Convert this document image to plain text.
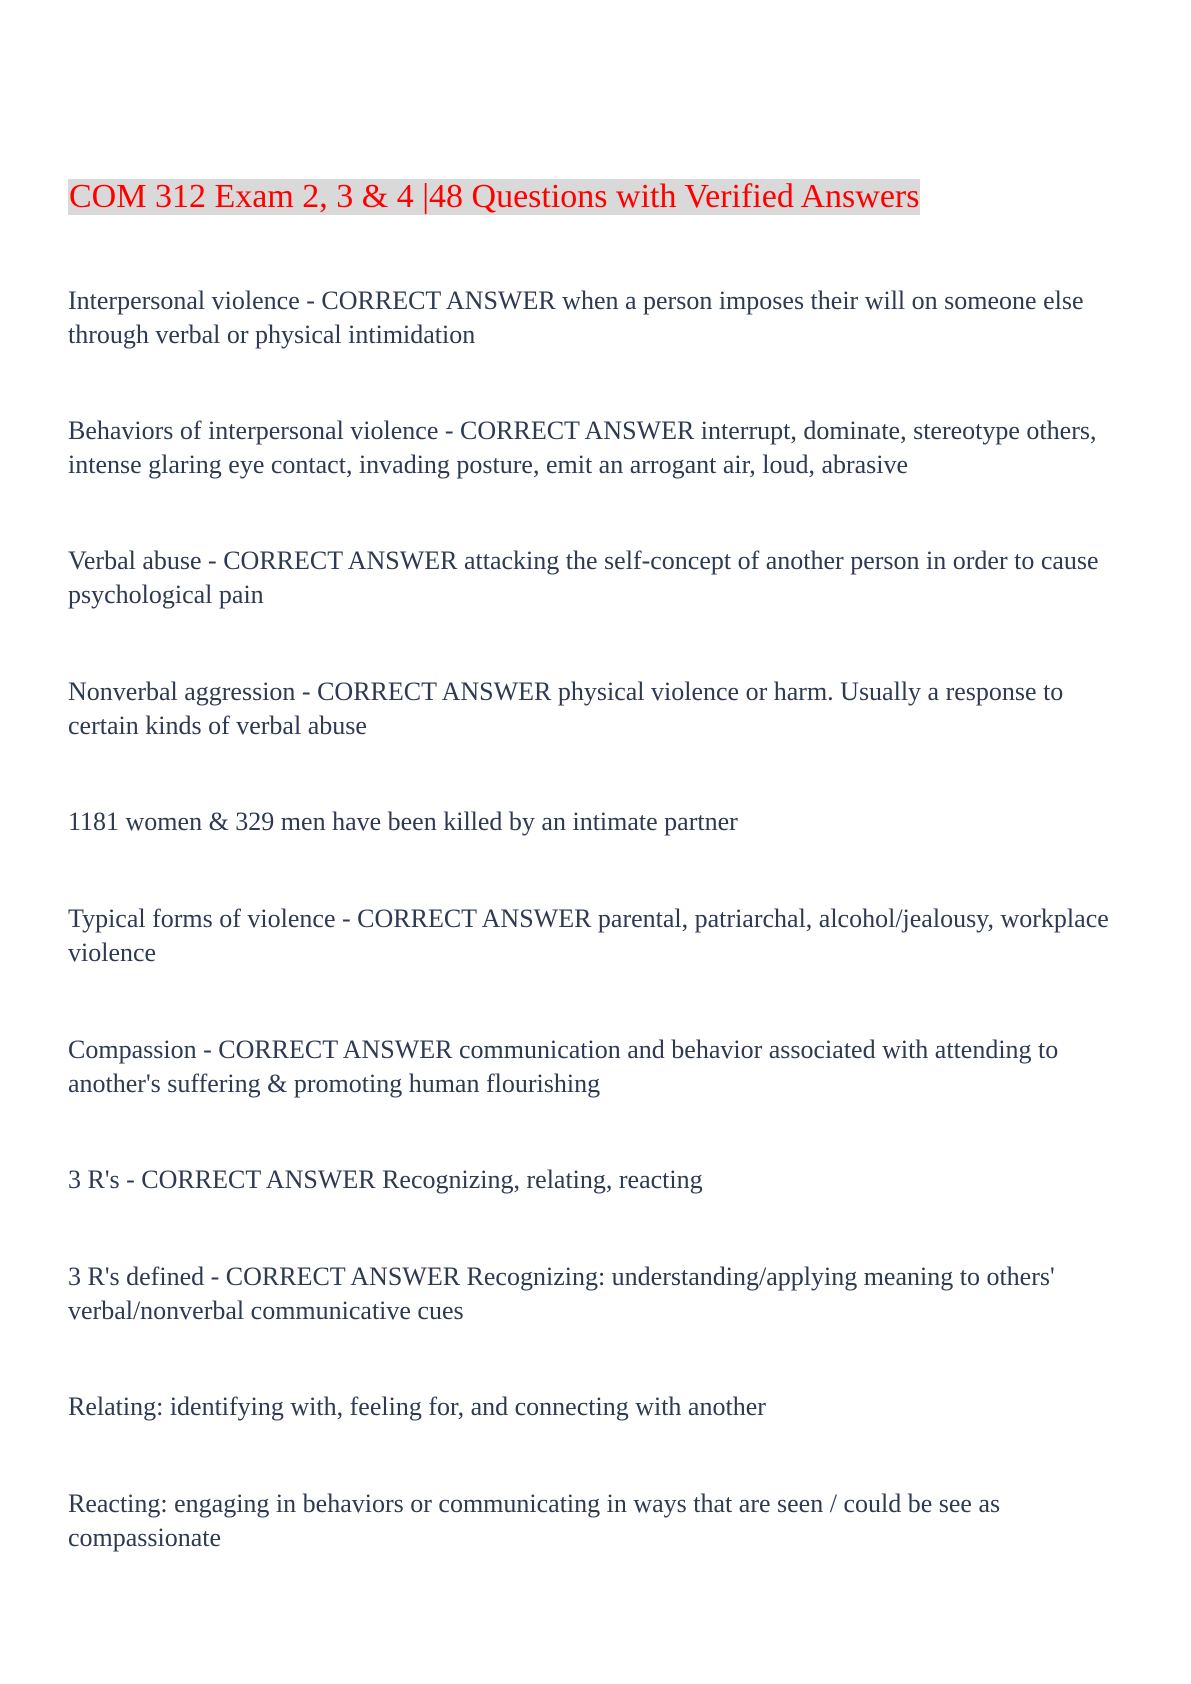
COM 312 Exam 2, 3 & 4 |48 Questions with Verified Answers

Interpersonal violence - CORRECT ANSWER when a person imposes their will on someone else through verbal or physical intimidation

Behaviors of interpersonal violence - CORRECT ANSWER interrupt, dominate, stereotype others, intense glaring eye contact, invading posture, emit an arrogant air, loud, abrasive

Verbal abuse - CORRECT ANSWER attacking the self-concept of another person in order to cause psychological pain

Nonverbal aggression - CORRECT ANSWER physical violence or harm. Usually a response to certain kinds of verbal abuse

1181 women & 329 men have been killed by an intimate partner

Typical forms of violence - CORRECT ANSWER parental, patriarchal, alcohol/jealousy, workplace violence

Compassion - CORRECT ANSWER communication and behavior associated with attending to another's suffering & promoting human flourishing

3 R's - CORRECT ANSWER Recognizing, relating, reacting

3 R's defined - CORRECT ANSWER Recognizing: understanding/applying meaning to others' verbal/nonverbal communicative cues

Relating: identifying with, feeling for, and connecting with another

Reacting: engaging in behaviors or communicating in ways that are seen / could be see as compassionate
